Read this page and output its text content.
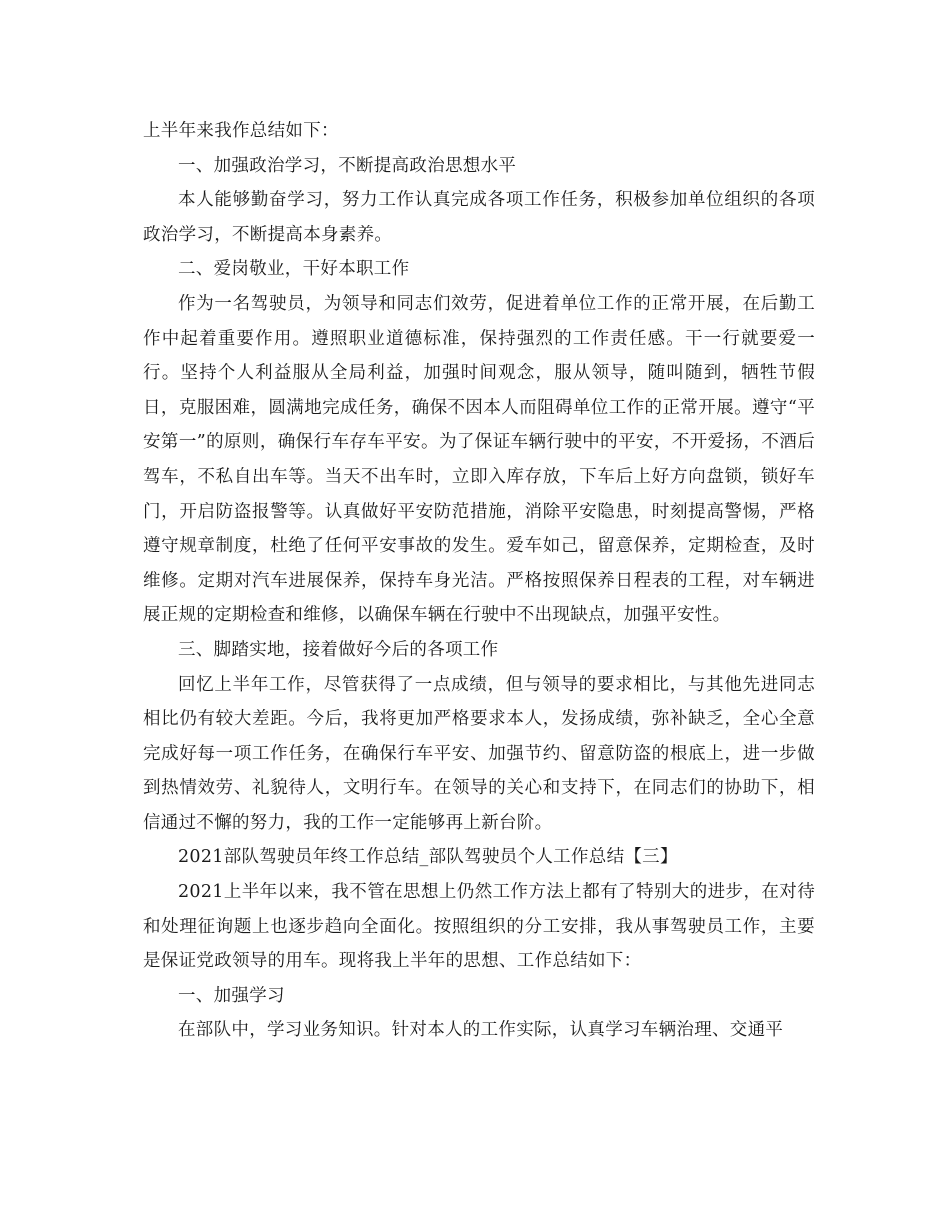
上半年来我作总结如下：

一、加强政治学习，不断提高政治思想水平

本人能够勤奋学习，努力工作认真完成各项工作任务，积极参加单位组织的各项政治学习，不断提高本身素养。

二、爱岗敬业，干好本职工作

作为一名驾驶员，为领导和同志们效劳，促进着单位工作的正常开展，在后勤工作中起着重要作用。遵照职业道德标准，保持强烈的工作责任感。干一行就要爱一行。坚持个人利益服从全局利益，加强时间观念，服从领导，随叫随到，牺牲节假日，克服困难，圆满地完成任务，确保不因本人而阻碍单位工作的正常开展。遵守“平安第一”的原则，确保行车存车平安。为了保证车辆行驶中的平安，不开爱扬，不酒后驾车，不私自出车等。当天不出车时，立即入库存放，下车后上好方向盘锁，锁好车门，开启防盗报警等。认真做好平安防范措施，消除平安隐患，时刻提高警惕，严格遵守规章制度，杜绝了任何平安事故的发生。爱车如己，留意保养，定期检查，及时维修。定期对汽车进展保养，保持车身光洁。严格按照保养日程表的工程，对车辆进展正规的定期检查和维修，以确保车辆在行驶中不出现缺点，加强平安性。

三、脚踏实地，接着做好今后的各项工作

回忆上半年工作，尽管获得了一点成绩，但与领导的要求相比，与其他先进同志相比仍有较大差距。今后，我将更加严格要求本人，发扬成绩，弥补缺乏，全心全意完成好每一项工作任务，在确保行车平安、加强节约、留意防盗的根底上，进一步做到热情效劳、礼貌待人，文明行车。在领导的关心和支持下，在同志们的协助下，相信通过不懈的努力，我的工作一定能够再上新台阶。

2021部队驾驶员年终工作总结_部队驾驶员个人工作总结【三】

2021上半年以来，我不管在思想上仍然工作方法上都有了特别大的进步，在对待和处理征询题上也逐步趋向全面化。按照组织的分工安排，我从事驾驶员工作，主要是保证党政领导的用车。现将我上半年的思想、工作总结如下：

一、加强学习

在部队中，学习业务知识。针对本人的工作实际，认真学习车辆治理、交通平
